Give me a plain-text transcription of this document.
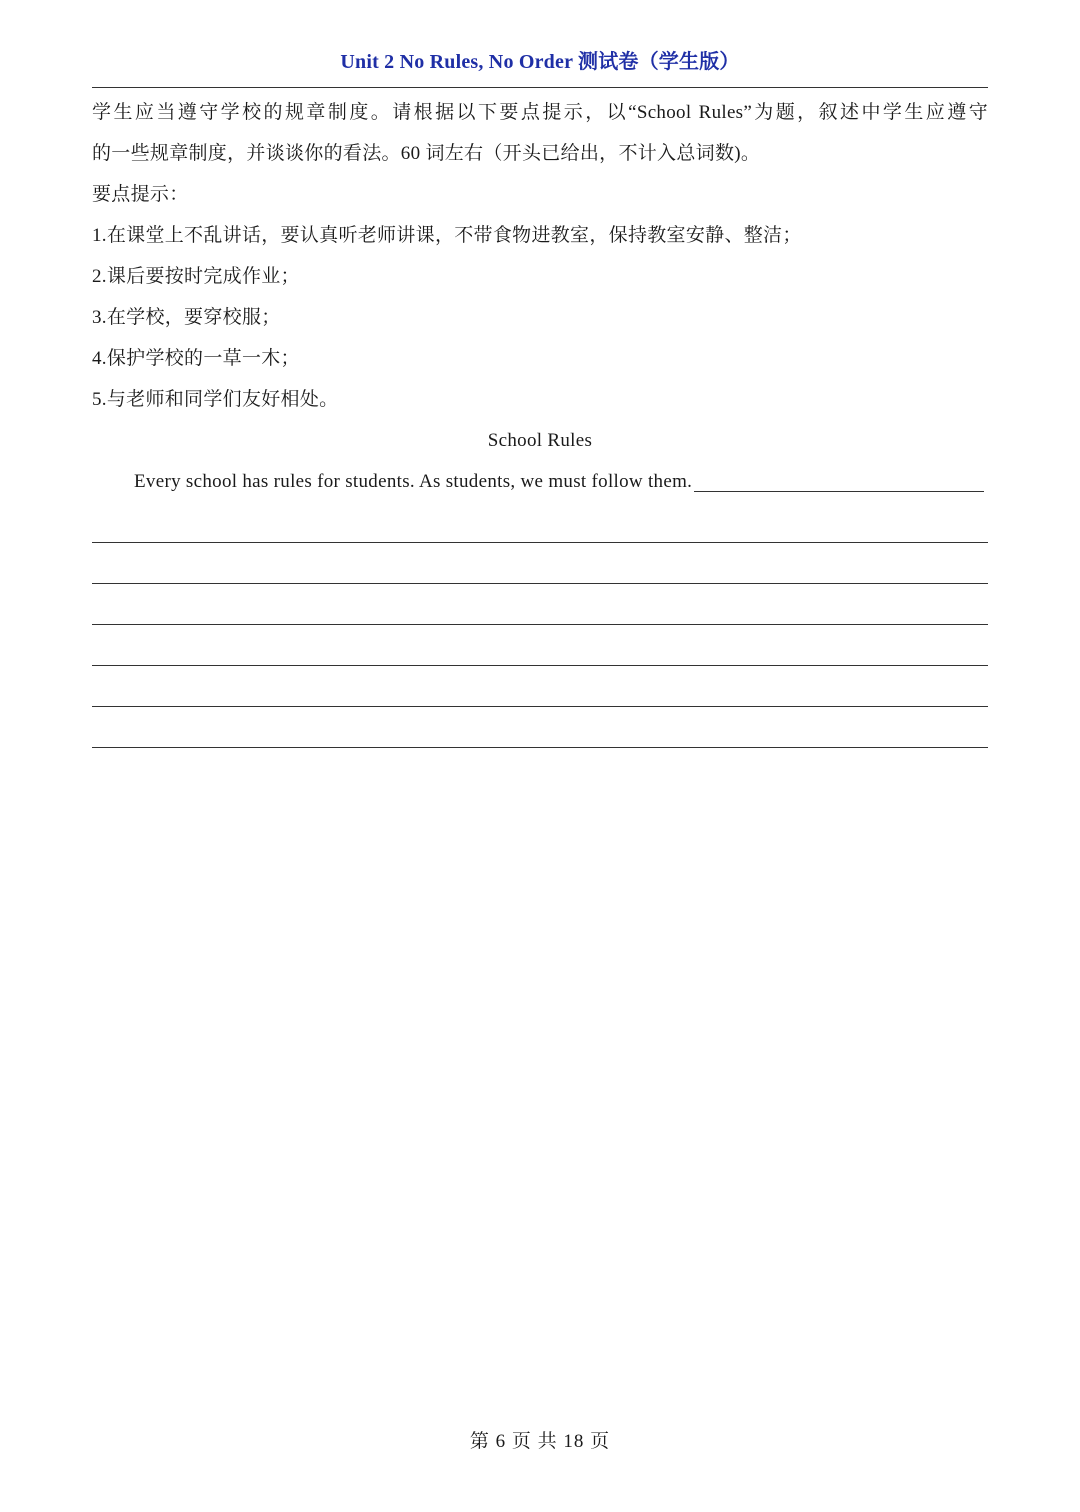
Unit 2 No Rules, No Order 测试卷（学生版）
学生应当遵守学校的规章制度。请根据以下要点提示，以“School Rules”为题，叙述中学生应遵守
的一些规章制度，并谈谈你的看法。60 词左右（开头已给出，不计入总词数)。
要点提示：
1.在课堂上不乱讲话，要认真听老师讲课，不带食物进教室，保持教室安静、整洁；
2.课后要按时完成作业；
3.在学校，要穿校服；
4.保护学校的一草一木；
5.与老师和同学们友好相处。
School Rules
Every school has rules for students. As students, we must follow them.
第 6 页 共 18 页
